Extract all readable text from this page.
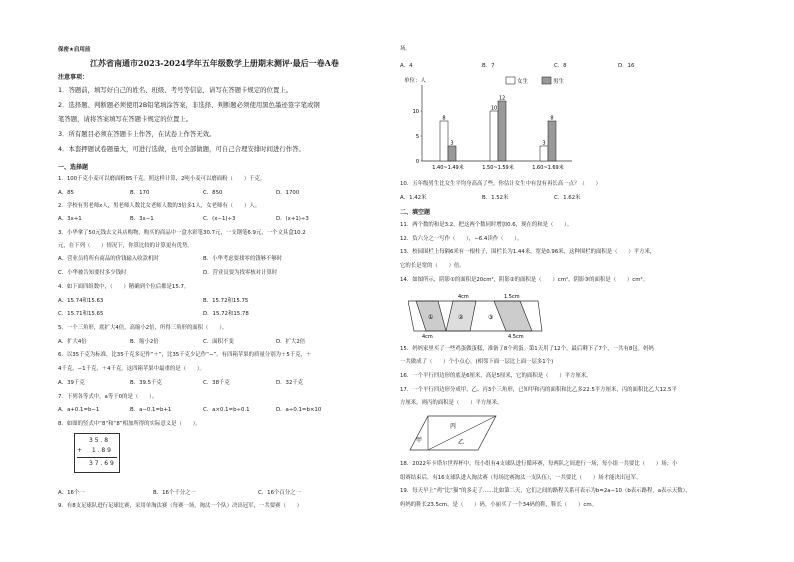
保密★启用前
江苏省南通市2023-2024学年五年级数学上册期末测评·最后一卷A卷
注意事项：
1．答题前，填写好自己的姓名、班级、考号等信息，请写在答题卡规定的位置上。
2．选择题、判断题必须使用2B铅笔填涂答案，非选择、判断题必须使用黑色墨迹签字笔或钢
笔答题，请将答案填写在答题卡规定的位置上。
3．所有题目必须在答题卡上作答，在试卷上作答无效。
4．本套押题试卷题量大，可进行选做，也可全部做题，可自己合理安排时间进行作答。
一、选择题
1．100千克小麦可以磨面粉85千克。照这样计算，2吨小麦可以磨面粉（　　）千克。
A．85	B．170	C．850	D．1700
2．学校有男老师x人，男老师人数比女老师人数的3倍多1人，女老师有（　　）人。
A．3x+1	B．3x−1	C．(x−1)÷3	D．(x+1)÷3
3．小华拿了50元钱去文具店购物，购买的商品中一盒水彩笔30.7元，一支钢笔6.9元，一个文具盒10.2
元，在下列（　　）情况下，你算比较的计算更有优势。
A．营业员将所有商品的价钱输入收款机时	B．小华考虑要找零的钱够不够时
C．小华被告知要付多少钱时	D．营业员要为找零核对计算时
4．如下面四组数中，（　　）精确到个位后都是15.7。
A．15.74和15.63	B．15.72和15.75
C．15.71和15.65	D．15.72和15.78
5．一个三角形，底扩大4倍，高缩小2倍，所得三角形的面积（　　）。
A．扩大4倍	B．缩小2倍	C．面积不变	D．扩大2倍
6．以35千克为标准，比35千克多记作“＋”，比35千克少记作“−”。有四箱苹果的质量分别为＋5千克，＋
4千克，−1千克，＋4千克。这四箱苹果中最重的是（　　）。
A．39千克	B．39.5千克	C．38千克	D．32千克
7．下列各等式中，a等于0的是（　　）。
A．a+0.1=b−1	B．a−0.1=b+1	C．a×0.1=b÷0.1	D．a÷0.1=b×10
8．如图的竖式中“8”和“8”相加所得的实际意义是（　　）。
3 5 . 8
+ 　 1 . 8 9
3 7 . 6 9
A．16个一	B．16个千分之一	C．16个百分之一
9．有8支足球队进行足球比赛，采用单淘汰赛（每赛一场，淘汰一个队）决出冠军，一共要赛（　　）
场。
A．4	B．7	C．8	D．16
单位：人
0
5
10
女生	男生
8
3
1.40~1.49米
10
12
1.50~1.59米
3
8
1.60~1.69米
10．五年级男生比女生平均身高高了些，你估计女生中有没有再长高一点？（　　）
A．1.42米	B．1.52米	C．1.62米
二、填空题
11．两个数的和是3.2，把这两个数同时增加0.6，现在的和是（　　）。
12．负六分之一写作（　　），−6.4读作（　　）。
13．校园围栏上每隔6米有一根柱子，围栏长为1.44米，宽是0.96米，这种围栏的面积是（　　）平方米，
它的长是宽的（　　）倍。
14．如图所示，阴影①的面积是20cm²，阴影②的面积是（　　）cm²，阴影③的面积是（　　）cm²。
4cm	1.5cm
4cm	4.5cm
①	②	③
15．妈妈家里买了一些鸡蛋做蛋糕，准备了8个鸡蛋。第1天用了12个，最后剩下了7个，一共有8包。妈妈
一共做成了（　　）个小点心。(相邻下面一层比上面一层多1个)
16．一个平行四边形的底是6厘米，高是5厘米，它的面积是（　　）平方厘米。
17．一个平行四边形分成甲、乙、丙3个三角形，已知甲和丙的面积和比乙多22.5平方厘米，丙的面积比乙大12.5平
方厘米，则丙的面积是（　　）平方厘米。
丙
甲	乙
18．2022年卡塔尔世界杯中，每小组有4支球队进行循环赛，每两队之间进行一场，每小组一共要比（　　）场；小
组赛结束后，有16支球队进入淘汰赛（每场比赛淘汰一支队伍），一共要比（　　）场才能决出冠军。
19．每天早上“鸡”比“猫”的多走了……比如第二天，它们之间的路程关系可表示为b=2a−10（b表示路程，a表示天数），
妈妈的鞋长23.5cm，是（　　）码。小丽买了一个34码的鞋，鞋长（　　）cm。
